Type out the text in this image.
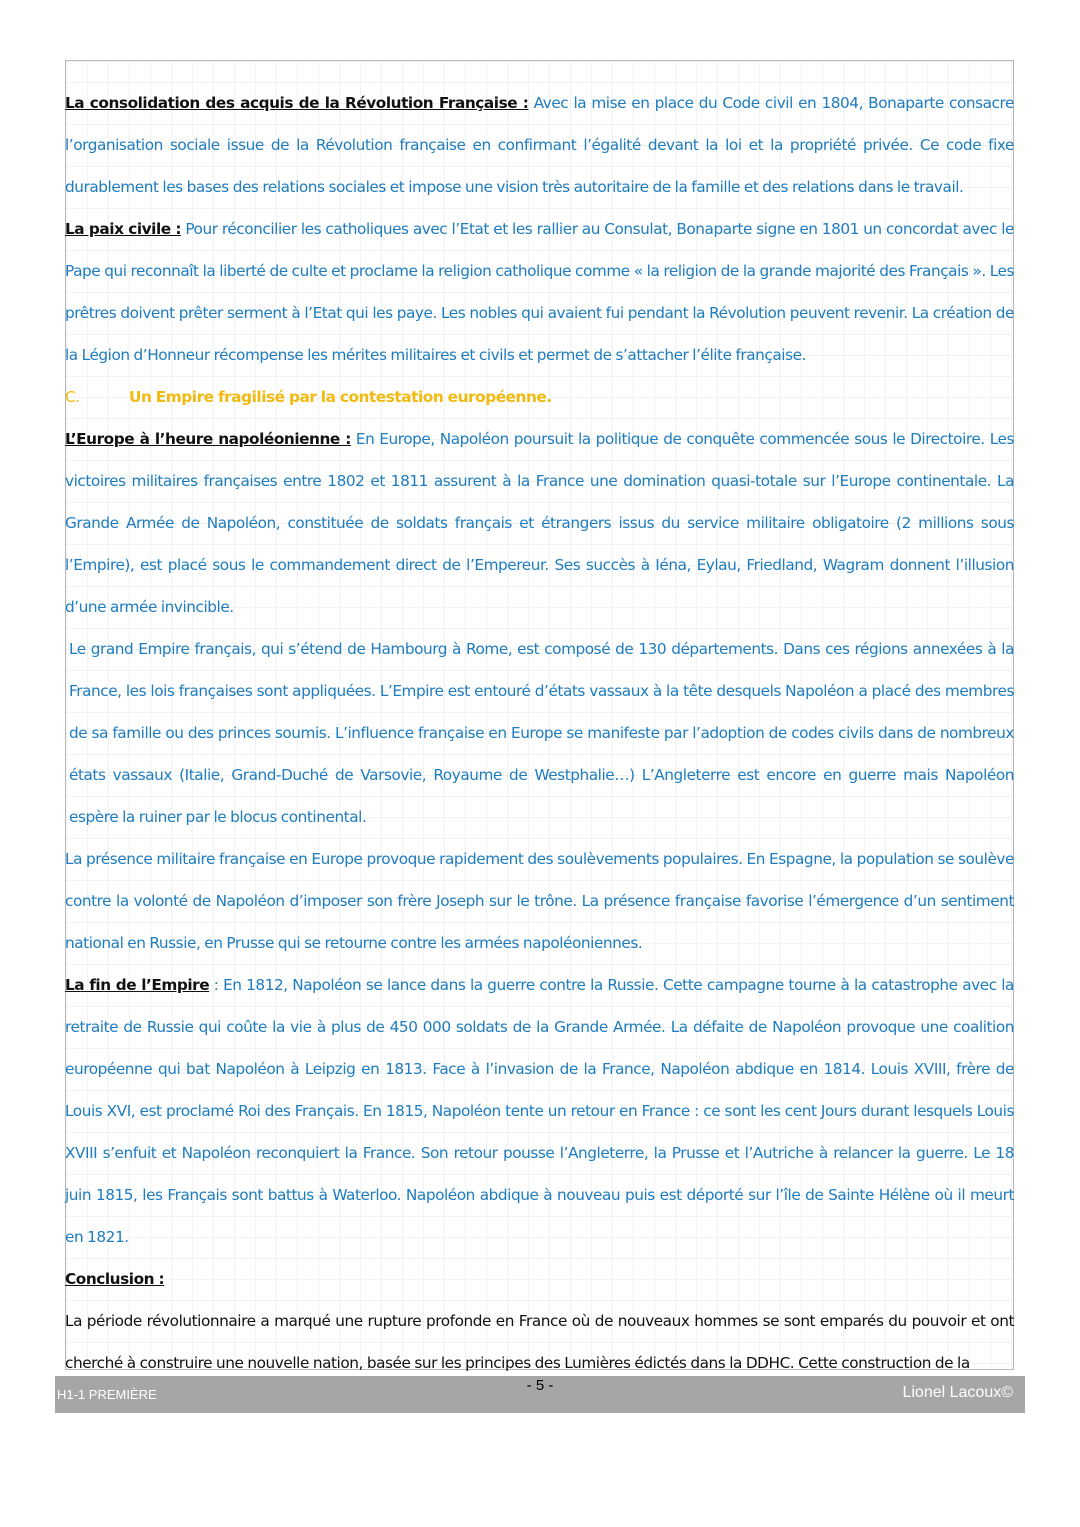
La consolidation des acquis de la Révolution Française : Avec la mise en place du Code civil en 1804, Bonaparte consacre l’organisation sociale issue de la Révolution française en confirmant l’égalité devant la loi et la propriété privée. Ce code fixe durablement les bases des relations sociales et impose une vision très autoritaire de la famille et des relations dans le travail.

La paix civile : Pour réconcilier les catholiques avec l’Etat et les rallier au Consulat, Bonaparte signe en 1801 un concordat avec le Pape qui reconnaît la liberté de culte et proclame la religion catholique comme « la religion de la grande majorité des Français ». Les prêtres doivent prêter serment à l’Etat qui les paye. Les nobles qui avaient fui pendant la Révolution peuvent revenir. La création de la Légion d’Honneur récompense les mérites militaires et civils et permet de s’attacher l’élite française.

C.	Un Empire fragilisé par la contestation européenne.

L’Europe à l’heure napoléonienne : En Europe, Napoléon poursuit la politique de conquête commencée sous le Directoire. Les victoires militaires françaises entre 1802 et 1811 assurent à la France une domination quasi-totale sur l’Europe continentale. La Grande Armée de Napoléon, constituée de soldats français et étrangers issus du service militaire obligatoire (2 millions sous l’Empire), est placé sous le commandement direct de l’Empereur. Ses succès à Iéna, Eylau, Friedland, Wagram donnent l’illusion d’une armée invincible.

Le grand Empire français, qui s’étend de Hambourg à Rome, est composé de 130 départements. Dans ces régions annexées à la France, les lois françaises sont appliquées. L’Empire est entouré d’états vassaux à la tête desquels Napoléon a placé des membres de sa famille ou des princes soumis. L’influence française en Europe se manifeste par l’adoption de codes civils dans de nombreux états vassaux (Italie, Grand-Duché de Varsovie, Royaume de Westphalie…) L’Angleterre est encore en guerre mais Napoléon espère la ruiner par le blocus continental.

La présence militaire française en Europe provoque rapidement des soulèvements populaires. En Espagne, la population se soulève contre la volonté de Napoléon d’imposer son frère Joseph sur le trône. La présence française favorise l’émergence d’un sentiment national en Russie, en Prusse qui se retourne contre les armées napoléoniennes.

La fin de l’Empire : En 1812, Napoléon se lance dans la guerre contre la Russie. Cette campagne tourne à la catastrophe avec la retraite de Russie qui coûte la vie à plus de 450 000 soldats de la Grande Armée. La défaite de Napoléon provoque une coalition européenne qui bat Napoléon à Leipzig en 1813. Face à l’invasion de la France, Napoléon abdique en 1814. Louis XVIII, frère de Louis XVI, est proclamé Roi des Français. En 1815, Napoléon tente un retour en France : ce sont les cent Jours durant lesquels Louis XVIII s’enfuit et Napoléon reconquiert la France. Son retour pousse l’Angleterre, la Prusse et l’Autriche à relancer la guerre. Le 18 juin 1815, les Français sont battus à Waterloo. Napoléon abdique à nouveau puis est déporté sur l’île de Sainte Hélène où il meurt en 1821.

Conclusion :

La période révolutionnaire a marqué une rupture profonde en France où de nouveaux hommes se sont emparés du pouvoir et ont cherché à construire une nouvelle nation, basée sur les principes des Lumières édictés dans la DDHC. Cette construction de la

H1-1 PREMIÈRE
- 5 -	Lionel Lacoux©
